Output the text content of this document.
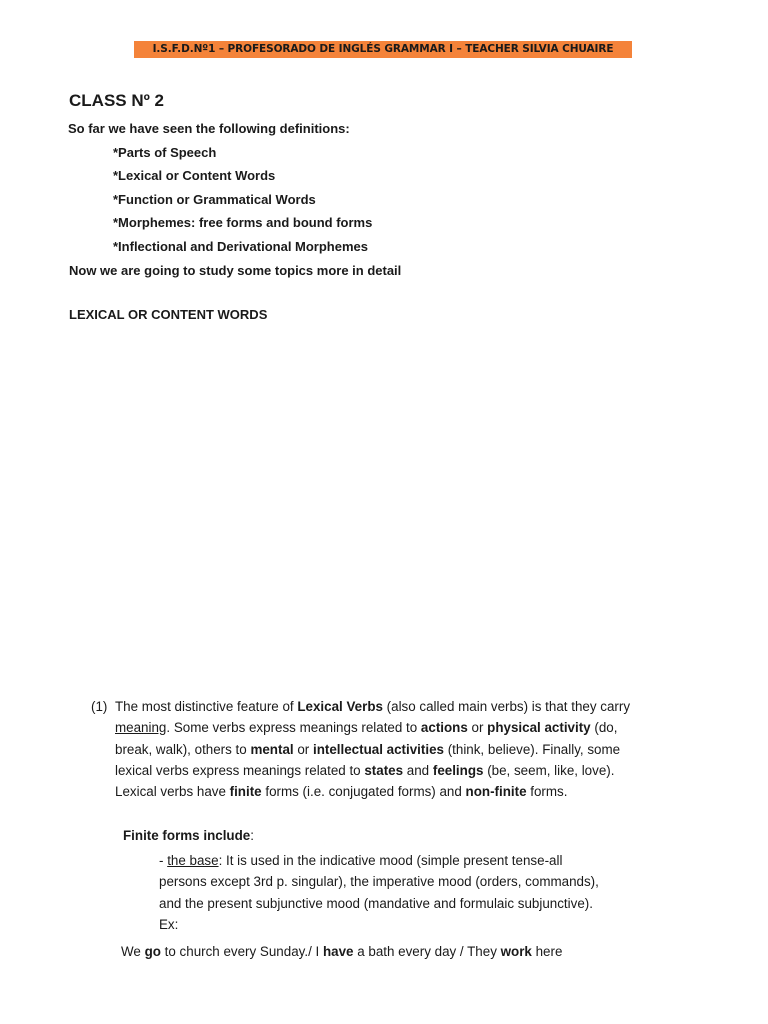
I.S.F.D.Nº1 – PROFESORADO DE INGLÉS GRAMMAR I – TEACHER SILVIA CHUAIRE
CLASS Nº 2
So far we have seen the following definitions:
*Parts of Speech
*Lexical or Content Words
*Function or Grammatical Words
*Morphemes: free forms and bound forms
*Inflectional and Derivational Morphemes
Now we are going to study some topics more in detail
LEXICAL OR CONTENT WORDS
(1) The most distinctive feature of Lexical Verbs (also called main verbs) is that they carry
meaning. Some verbs express meanings related to actions or physical activity (do,
break, walk), others to mental or intellectual activities (think, believe). Finally, some
lexical verbs express meanings related to states and feelings (be, seem, like, love).
Lexical verbs have finite forms (i.e. conjugated forms) and non-finite forms.
Finite forms include:
- the base: It is used in the indicative mood (simple present tense-all
persons except 3rd p. singular), the imperative mood (orders, commands),
and the present subjunctive mood (mandative and formulaic subjunctive).
Ex:
We go to church every Sunday./ I have a bath every day / They work here
